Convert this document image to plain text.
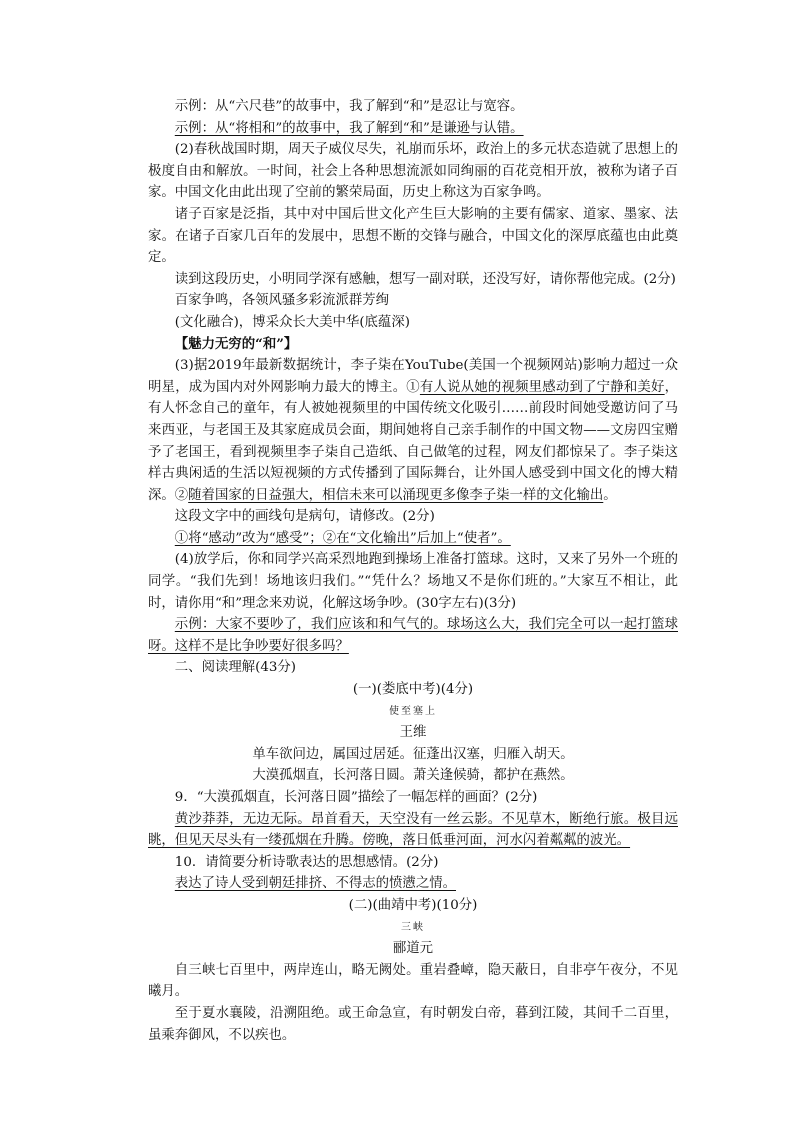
示例：从“六尺巷”的故事中，我了解到“和”是忍让与宽容。

示例：从“将相和”的故事中，我了解到“和”是谦逊与认错。

(2)春秋战国时期，周天子威仪尽失，礼崩而乐坏，政治上的多元状态造就了思想上的极度自由和解放。一时间，社会上各种思想流派如同绚丽的百花竞相开放，被称为诸子百家。中国文化由此出现了空前的繁荣局面，历史上称这为百家争鸣。

诸子百家是泛指，其中对中国后世文化产生巨大影响的主要有儒家、道家、墨家、法家。在诸子百家几百年的发展中，思想不断的交锋与融合，中国文化的深厚底蕴也由此奠定。

读到这段历史，小明同学深有感触，想写一副对联，还没写好，请你帮他完成。(2分)

百家争鸣，各领风骚多彩流派群芳绚

(文化融合)，博采众长大美中华(底蕴深)

【魅力无穷的“和”】

(3)据2019年最新数据统计，李子柒在YouTube(美国一个视频网站)影响力超过一众明星，成为国内对外网影响力最大的博主。①有人说从她的视频里感动到了宁静和美好，有人怀念自己的童年，有人被她视频里的中国传统文化吸引……前段时间她受邀访问了马来西亚，与老国王及其家庭成员会面，期间她将自己亲手制作的中国文物——文房四宝赠予了老国王，看到视频里李子柒自己造纸、自己做笔的过程，网友们都惊呆了。李子柒这样古典闲适的生活以短视频的方式传播到了国际舞台，让外国人感受到中国文化的博大精深。②随着国家的日益强大，相信未来可以涌现更多像李子柒一样的文化输出。

这段文字中的画线句是病句，请修改。(2分)

①将“感动”改为“感受”；②在“文化输出”后加上“使者”。

(4)放学后，你和同学兴高采烈地跑到操场上准备打篮球。这时，又来了另外一个班的同学。“我们先到！场地该归我们。”“凭什么？场地又不是你们班的。”大家互不相让，此时，请你用“和”理念来劝说，化解这场争吵。(30字左右)(3分)

示例：大家不要吵了，我们应该和和气气的。球场这么大，我们完全可以一起打篮球呀。这样不是比争吵要好很多吗？

二、阅读理解(43分)

(一)(娄底中考)(4分)

使至塞上

王维

单车欲问边，属国过居延。征蓬出汉塞，归雁入胡天。

大漠孤烟直，长河落日圆。萧关逢候骑，都护在燕然。

9．“大漠孤烟直，长河落日圆”描绘了一幅怎样的画面？(2分)

黄沙莽莽，无边无际。昂首看天，天空没有一丝云影。不见草木，断绝行旅。极目远眺，但见天尽头有一缕孤烟在升腾。傍晚，落日低垂河面，河水闪着粼粼的波光。

10．请简要分析诗歌表达的思想感情。(2分)

表达了诗人受到朝廷排挤、不得志的愤懑之情。

(二)(曲靖中考)(10分)

三峡

郦道元

自三峡七百里中，两岸连山，略无阙处。重岩叠嶂，隐天蔽日，自非亭午夜分，不见曦月。

至于夏水襄陵，沿溯阻绝。或王命急宣，有时朝发白帝，暮到江陵，其间千二百里，虽乘奔御风，不以疾也。
